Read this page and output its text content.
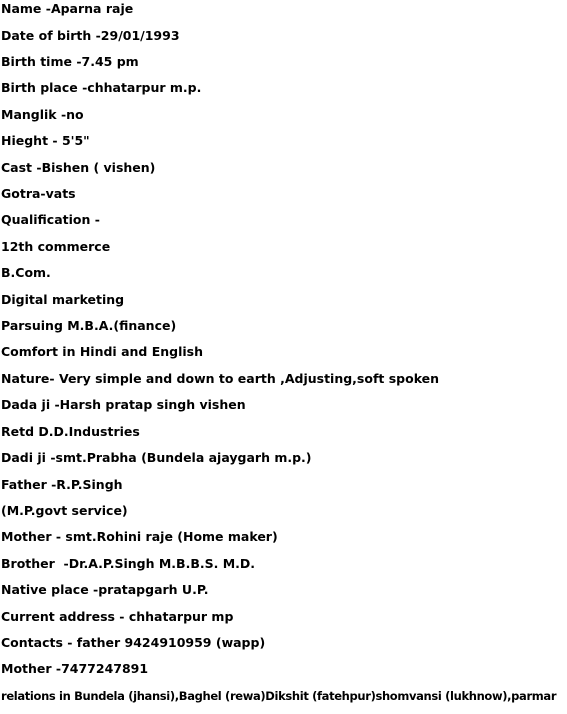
Name -Aparna raje

Date of birth -29/01/1993

Birth time -7.45 pm

Birth place -chhatarpur m.p.

Manglik -no

Hieght - 5'5"

Cast -Bishen ( vishen)

Gotra-vats

Qualification -

12th commerce

B.Com.

Digital marketing

Parsuing M.B.A.(finance)

Comfort in Hindi and English

Nature- Very simple and down to earth ,Adjusting,soft spoken

Dada ji -Harsh pratap singh vishen

Retd D.D.Industries

Dadi ji -smt.Prabha (Bundela ajaygarh m.p.)

Father -R.P.Singh

(M.P.govt service)

Mother - smt.Rohini raje (Home maker)

Brother  -Dr.A.P.Singh M.B.B.S. M.D.

Native place -pratapgarh U.P.

Current address - chhatarpur mp

Contacts - father 9424910959 (wapp)

Mother -7477247891

relations in Bundela (jhansi),Baghel (rewa)Dikshit (fatehpur)shomvansi (lukhnow),parmar
